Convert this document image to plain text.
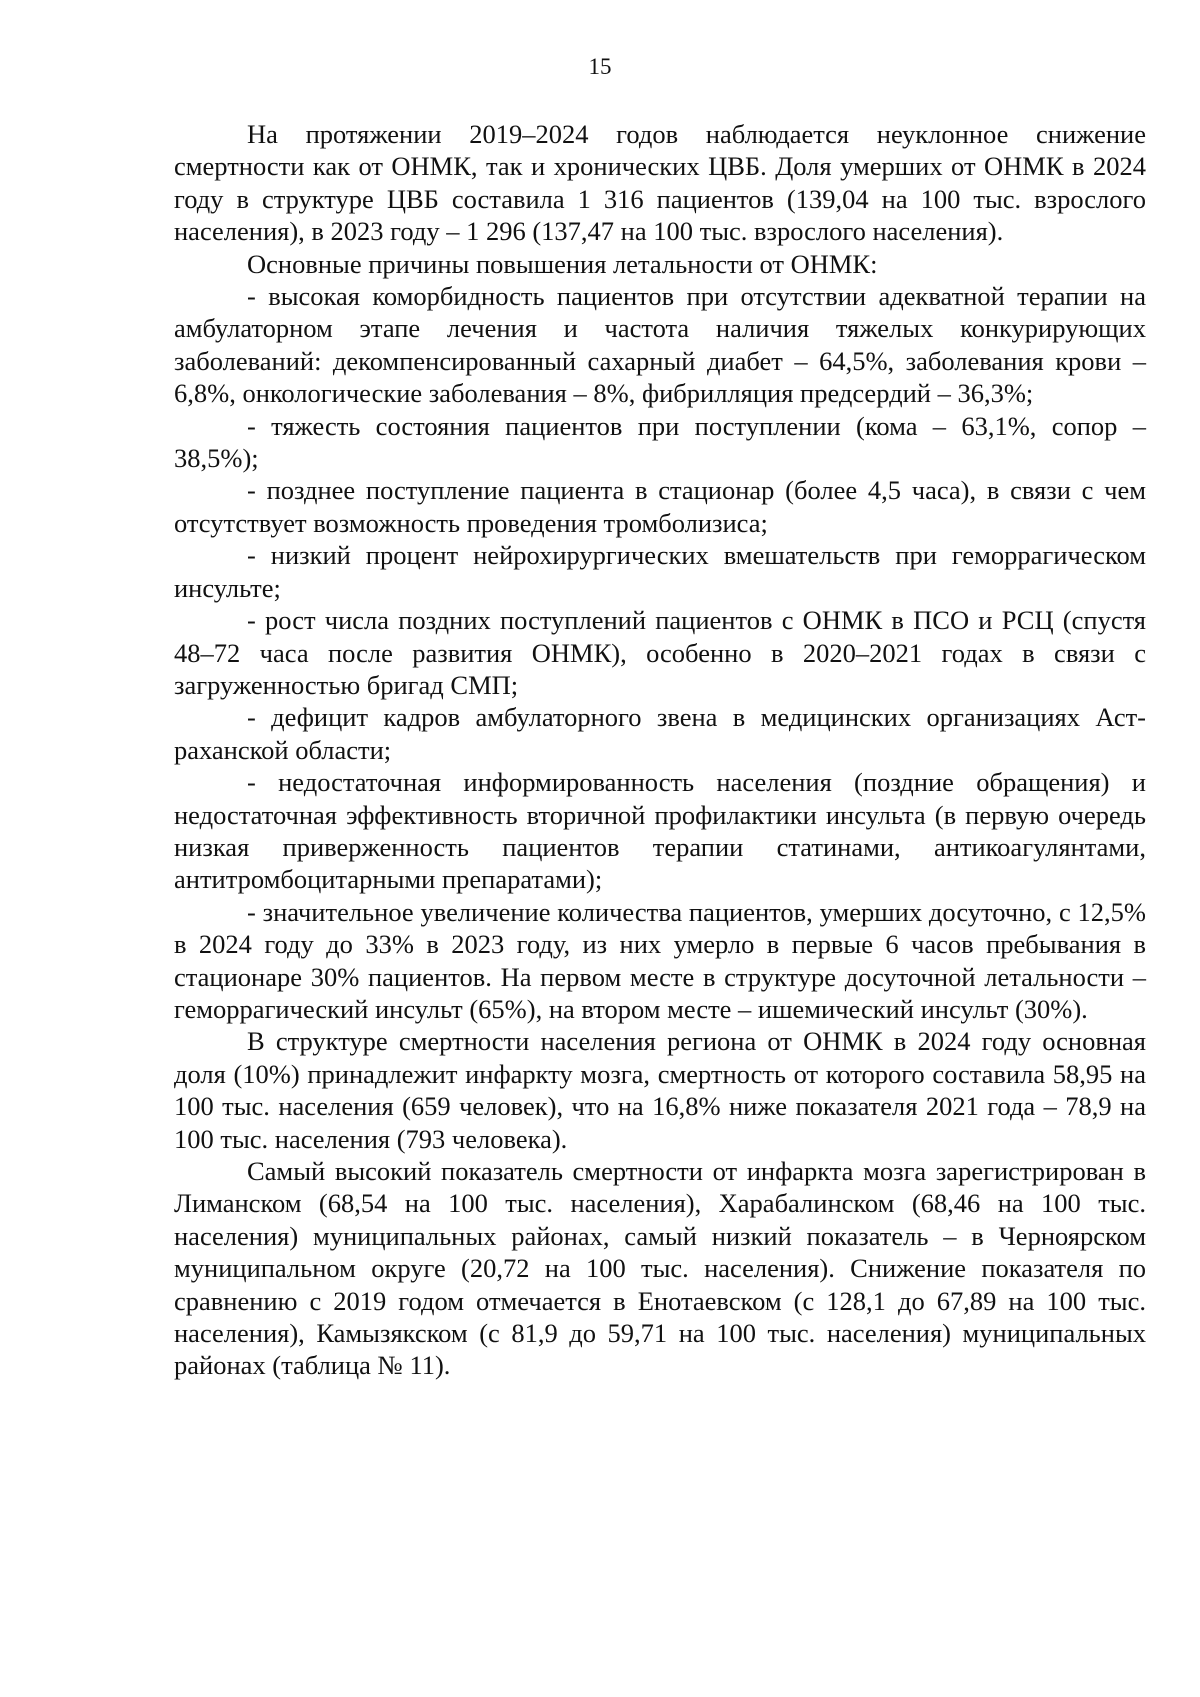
15

На протяжении 2019–2024 годов наблюдается неуклонное снижение смертности как от ОНМК, так и хронических ЦВБ. Доля умерших от ОНМК в 2024 году в структуре ЦВБ составила 1 316 пациентов (139,04 на 100 тыс. взрослого населения), в 2023 году – 1 296 (137,47 на 100 тыс. взрослого населения).

Основные причины повышения летальности от ОНМК:

- высокая коморбидность пациентов при отсутствии адекватной терапии на амбулаторном этапе лечения и частота наличия тяжелых конкурирующих заболеваний: декомпенсированный сахарный диабет – 64,5%, заболевания крови – 6,8%, онкологические заболевания – 8%, фибрилляция предсердий – 36,3%;

- тяжесть состояния пациентов при поступлении (кома – 63,1%, сопор – 38,5%);

- позднее поступление пациента в стационар (более 4,5 часа), в связи с чем отсутствует возможность проведения тромболизиса;

- низкий процент нейрохирургических вмешательств при геморрагическом инсульте;

- рост числа поздних поступлений пациентов с ОНМК в ПСО и РСЦ (спустя 48–72 часа после развития ОНМК), особенно в 2020–2021 годах в связи с загруженностью бригад СМП;

- дефицит кадров амбулаторного звена в медицинских организациях Астраханской области;

- недостаточная информированность населения (поздние обращения) и недостаточная эффективность вторичной профилактики инсульта (в первую очередь низкая приверженность пациентов терапии статинами, антикоагулянтами, антитромбоцитарными препаратами);

- значительное увеличение количества пациентов, умерших досуточно, с 12,5% в 2024 году до 33% в 2023 году, из них умерло в первые 6 часов пребывания в стационаре 30% пациентов. На первом месте в структуре досуточной летальности – геморрагический инсульт (65%), на втором месте – ишемический инсульт (30%).

В структуре смертности населения региона от ОНМК в 2024 году основная доля (10%) принадлежит инфаркту мозга, смертность от которого составила 58,95 на 100 тыс. населения (659 человек), что на 16,8% ниже показателя 2021 года – 78,9 на 100 тыс. населения (793 человека).

Самый высокий показатель смертности от инфаркта мозга зарегистрирован в Лиманском (68,54 на 100 тыс. населения), Харабалинском (68,46 на 100 тыс. населения) муниципальных районах, самый низкий показатель – в Черноярском муниципальном округе (20,72 на 100 тыс. населения). Снижение показателя по сравнению с 2019 годом отмечается в Енотаевском (с 128,1 до 67,89 на 100 тыс. населения), Камызякском (с 81,9 до 59,71 на 100 тыс. населения) муниципальных районах (таблица № 11).
